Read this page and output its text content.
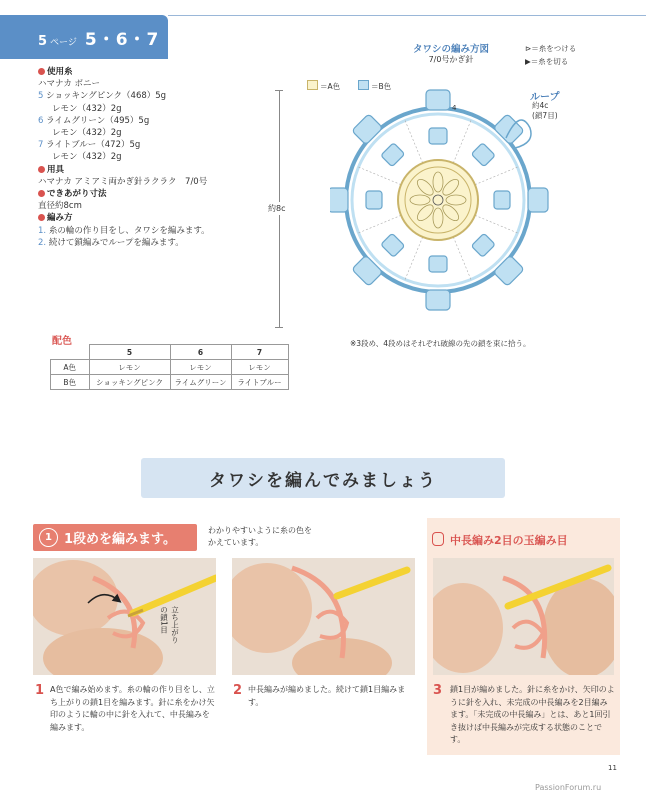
5 ページ 5・6・7
使用糸
ハマナカ ボニー
5 ショッキングピンク（468）5g
レモン（432）2g
6 ライムグリーン（495）5g
レモン（432）2g
7 ライトブルー（472）5g
レモン（432）2g
用具
ハマナカ アミアミ両かぎ針ラクラク　7/0号
できあがり寸法
直径約8cm
編み方
1. 糸の輪の作り目をし、タワシを編みます。
2. 続けて鎖編みでループを編みます。
約8c
タワシの編み方図
7/0号かぎ針
⊳＝糸をつける
▶＝糸を切る
＝A色	＝B色
ループ
約4c
(鎖7目)
4
※3段め、4段めはそれぞれ破線の先の鎖を束に拾う。
配色
	5	6	7
A色	レモン	レモン	レモン
B色	ショッキングピンク	ライムグリーン	ライトブルー
タワシを編んでみましょう
1 1段めを編みます。
わかりやすいように糸の色を
かえています。	中長編み2目の玉編み目
立ち上がり
の鎖1目
1 A色で編み始めます。糸の輪の作り目をし、立ち上がりの鎖1目を編みます。針に糸をかけ矢印のように輪の中に針を入れて、中長編みを編みます。
2 中長編みが編めました。続けて鎖1目編みます。
3 鎖1目が編めました。針に糸をかけ、矢印のように針を入れ、未完成の中長編みを2目編みます。「未完成の中長編み」とは、あと1回引き抜けば中長編みが完成する状態のことです。
11
PassionForum.ru
